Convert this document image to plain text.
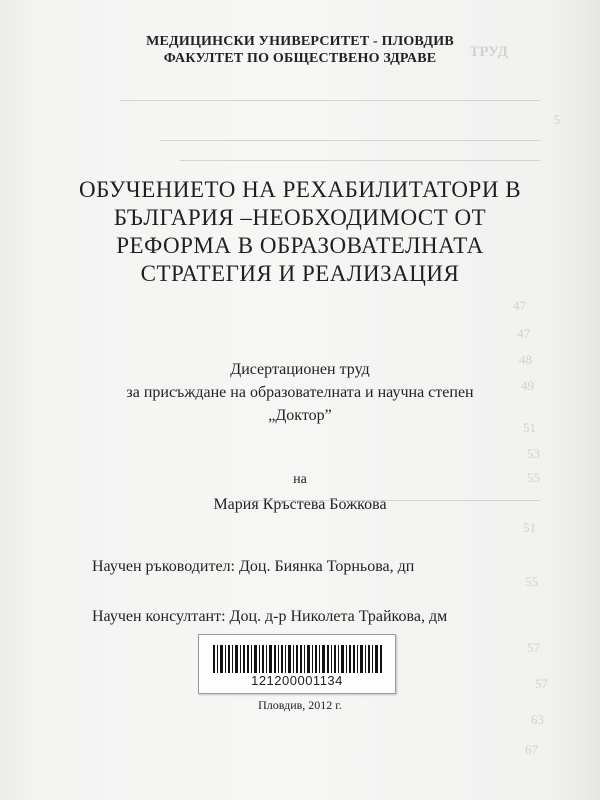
ТРУД
5
47
47
48
49
51
53
55
51
55
57
57
63
67
МЕДИЦИНСКИ УНИВЕРСИТЕТ - ПЛОВДИВ
ФАКУЛТЕТ ПО ОБЩЕСТВЕНО ЗДРАВЕ
ОБУЧЕНИЕТО НА РЕХАБИЛИТАТОРИ В
БЪЛГАРИЯ –НЕОБХОДИМОСТ ОТ
РЕФОРМА В ОБРАЗОВАТЕЛНАТА
СТРАТЕГИЯ И РЕАЛИЗАЦИЯ
Дисертационен труд
за присъждане на образователната и научна степен
„Доктор”
на
Мария Кръстева Божкова
Научен ръководител: Доц. Биянка Торньова, дп
Научен консултант: Доц. д-р Николета Трайкова, дм
121200001134
Пловдив, 2012 г.
